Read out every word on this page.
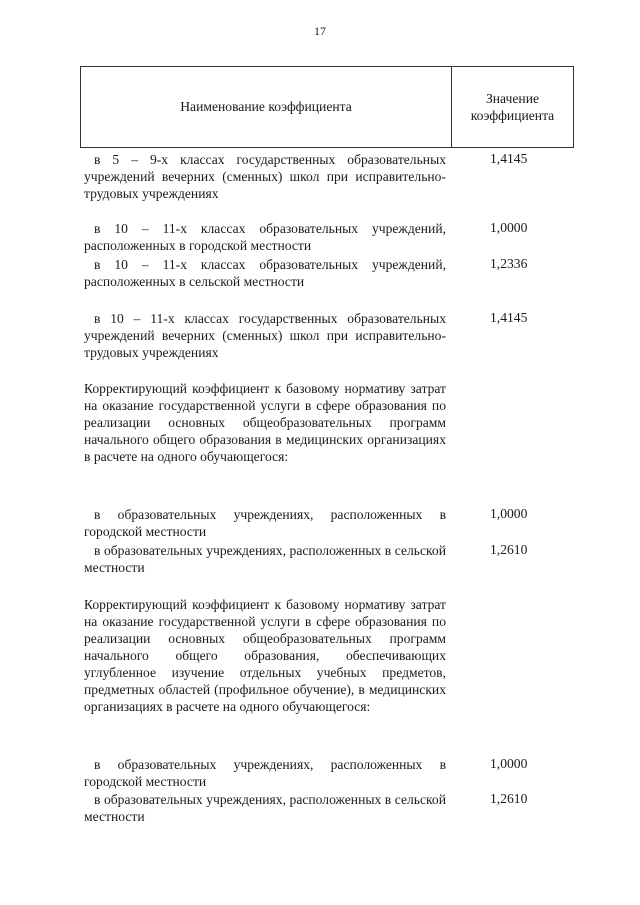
17
Наименование коэффициента
Значение
коэффициента
в 5 – 9-х классах государственных образовательных учреждений вечерних (сменных) школ при исправительно-трудовых учреждениях
1,4145
в 10 – 11-х классах образовательных учреждений, расположенных в городской местности
1,0000
в 10 – 11-х классах образовательных учреждений, расположенных в сельской местности
1,2336
в 10 – 11-х классах государственных образовательных учреждений вечерних (сменных) школ при исправительно-трудовых учреждениях
1,4145
Корректирующий коэффициент к базовому нормативу затрат на оказание государственной услуги в сфере образования по реализации основных общеобразовательных программ начального общего образования в медицинских организациях в расчете на одного обучающегося:
в образовательных учреждениях, расположенных в городской местности
1,0000
в образовательных учреждениях, расположенных в сельской местности
1,2610
Корректирующий коэффициент к базовому нормативу затрат на оказание государственной услуги в сфере образования по реализации основных общеобразовательных программ начального общего образования, обеспечивающих углубленное изучение отдельных учебных предметов, предметных областей (профильное обучение), в медицинских организациях в расчете на одного обучающегося:
в образовательных учреждениях, расположенных в городской местности
1,0000
в образовательных учреждениях, расположенных в сельской местности
1,2610
